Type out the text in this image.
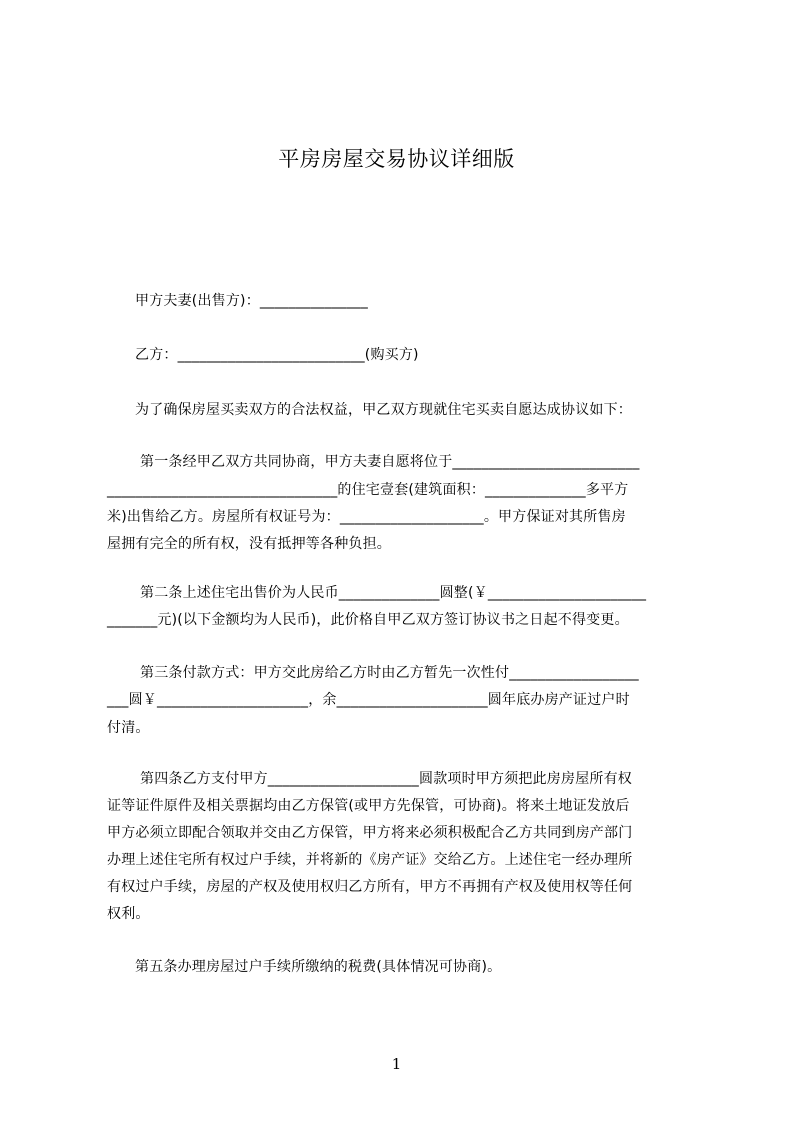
平房房屋交易协议详细版
甲方夫妻(出售方)：_______________
乙方：__________________________(购买方)
为了确保房屋买卖双方的合法权益，甲乙双方现就住宅买卖自愿达成协议如下：
第一条经甲乙双方共同协商，甲方夫妻自愿将位于__________________________
________________________________的住宅壹套(建筑面积：______________多平方
米)出售给乙方。房屋所有权证号为：____________________。甲方保证对其所售房
屋拥有完全的所有权，没有抵押等各种负担。
第二条上述住宅出售价为人民币______________圆整(￥______________________
_______元)(以下金额均为人民币)，此价格自甲乙双方签订协议书之日起不得变更。
第三条付款方式：甲方交此房给乙方时由乙方暂先一次性付__________________
___圆￥_____________________，余_____________________圆年底办房产证过户时
付清。
第四条乙方支付甲方_____________________圆款项时甲方须把此房房屋所有权
证等证件原件及相关票据均由乙方保管(或甲方先保管，可协商)。将来土地证发放后
甲方必须立即配合领取并交由乙方保管，甲方将来必须积极配合乙方共同到房产部门
办理上述住宅所有权过户手续，并将新的《房产证》交给乙方。上述住宅一经办理所
有权过户手续，房屋的产权及使用权归乙方所有，甲方不再拥有产权及使用权等任何
权利。
第五条办理房屋过户手续所缴纳的税费(具体情况可协商)。
1
